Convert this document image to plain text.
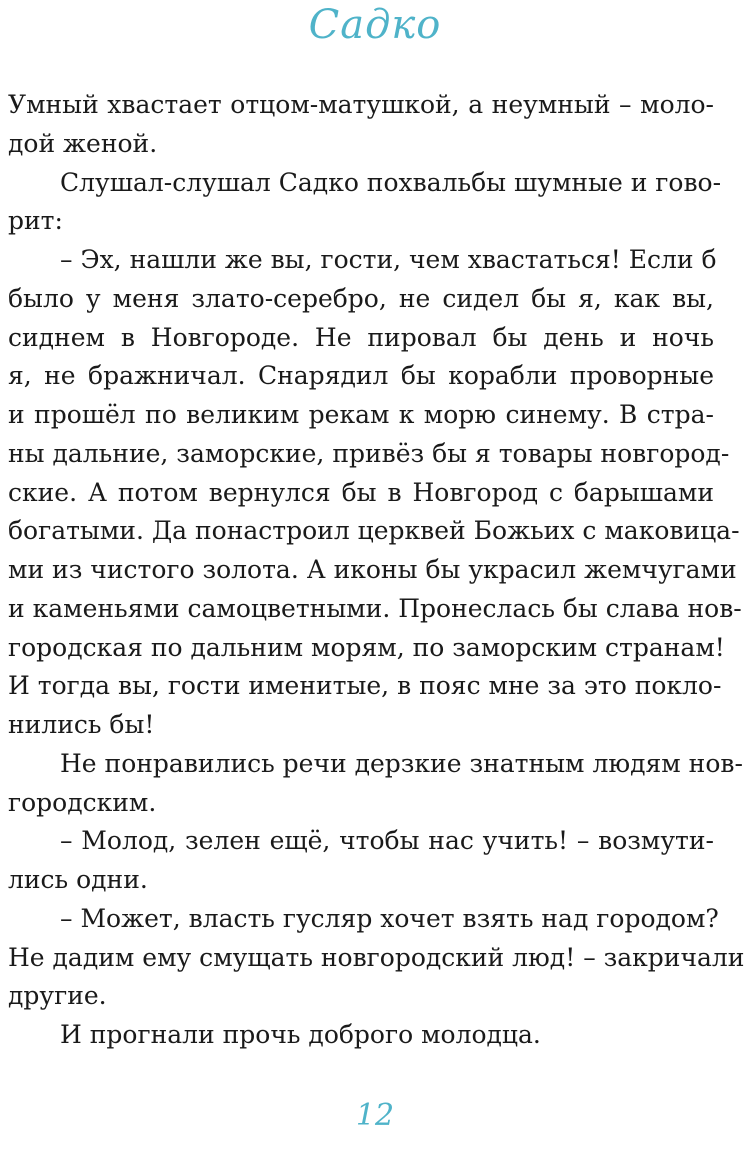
Садко
Умный хвастает отцом-матушкой, а неумный – моло-
дой женой.
Слушал-слушал Садко похвальбы шумные и гово-
рит:
– Эх, нашли же вы, гости, чем хвастаться! Если б
было у меня злато-серебро, не сидел бы я, как вы,
сиднем в Новгороде. Не пировал бы день и ночь
я, не бражничал. Снарядил бы корабли проворные
и прошёл по великим рекам к морю синему. В стра-
ны дальние, заморские, привёз бы я товары новгород-
ские. А потом вернулся бы в Новгород с барышами
богатыми. Да понастроил церквей Божьих с маковица-
ми из чистого золота. А иконы бы украсил жемчугами
и каменьями самоцветными. Пронеслась бы слава нов-
городская по дальним морям, по заморским странам!
И тогда вы, гости именитые, в пояс мне за это покло-
нились бы!
Не понравились речи дерзкие знатным людям нов-
городским.
– Молод, зелен ещё, чтобы нас учить! – возмути-
лись одни.
– Может, власть гусляр хочет взять над городом?
Не дадим ему смущать новгородский люд! – закричали
другие.
И прогнали прочь доброго молодца.
12
